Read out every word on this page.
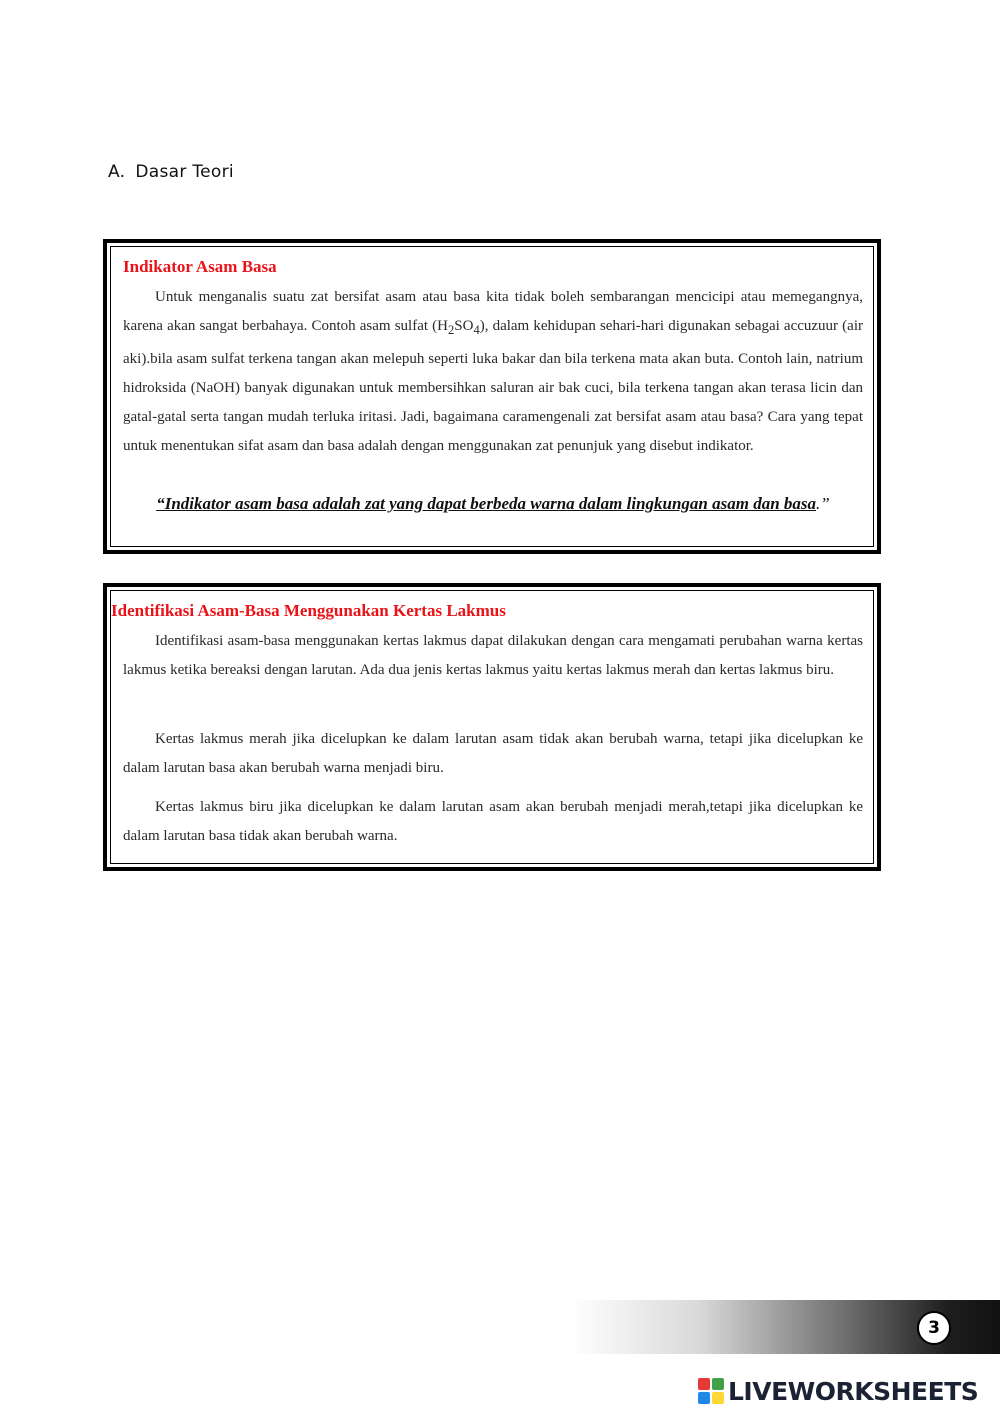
A. Dasar Teori
Indikator Asam Basa

Untuk menganalis suatu zat bersifat asam atau basa kita tidak boleh sembarangan mencicipi atau memegangnya, karena akan sangat berbahaya. Contoh asam sulfat $(H_2SO_4)$, dalam kehidupan sehari-hari digunakan sebagai accuzuur (air aki).bila asam sulfat terkena tangan akan melepuh seperti luka bakar dan bila terkena mata akan buta. Contoh lain, natrium hidroksida (NaOH) banyak digunakan untuk membersihkan saluran air bak cuci, bila terkena tangan akan terasa licin dan gatal-gatal serta tangan mudah terluka iritasi. Jadi, bagaimana caramengenali zat bersifat asam atau basa? Cara yang tepat untuk menentukan sifat asam dan basa adalah dengan menggunakan zat penunjuk yang disebut indikator.

“Indikator asam basa adalah zat yang dapat berbeda warna dalam lingkungan asam dan basa.”
Identifikasi Asam-Basa Menggunakan Kertas Lakmus

Identifikasi asam-basa menggunakan kertas lakmus dapat dilakukan dengan cara mengamati perubahan warna kertas lakmus ketika bereaksi dengan larutan. Ada dua jenis kertas lakmus yaitu kertas lakmus merah dan kertas lakmus biru.

Kertas lakmus merah jika dicelupkan ke dalam larutan asam tidak akan berubah warna, tetapi jika dicelupkan ke dalam larutan basa akan berubah warna menjadi biru.

Kertas lakmus biru jika dicelupkan ke dalam larutan asam akan berubah menjadi merah,tetapi jika dicelupkan ke dalam larutan basa tidak akan berubah warna.

3
LIVEWORKSHEETS
